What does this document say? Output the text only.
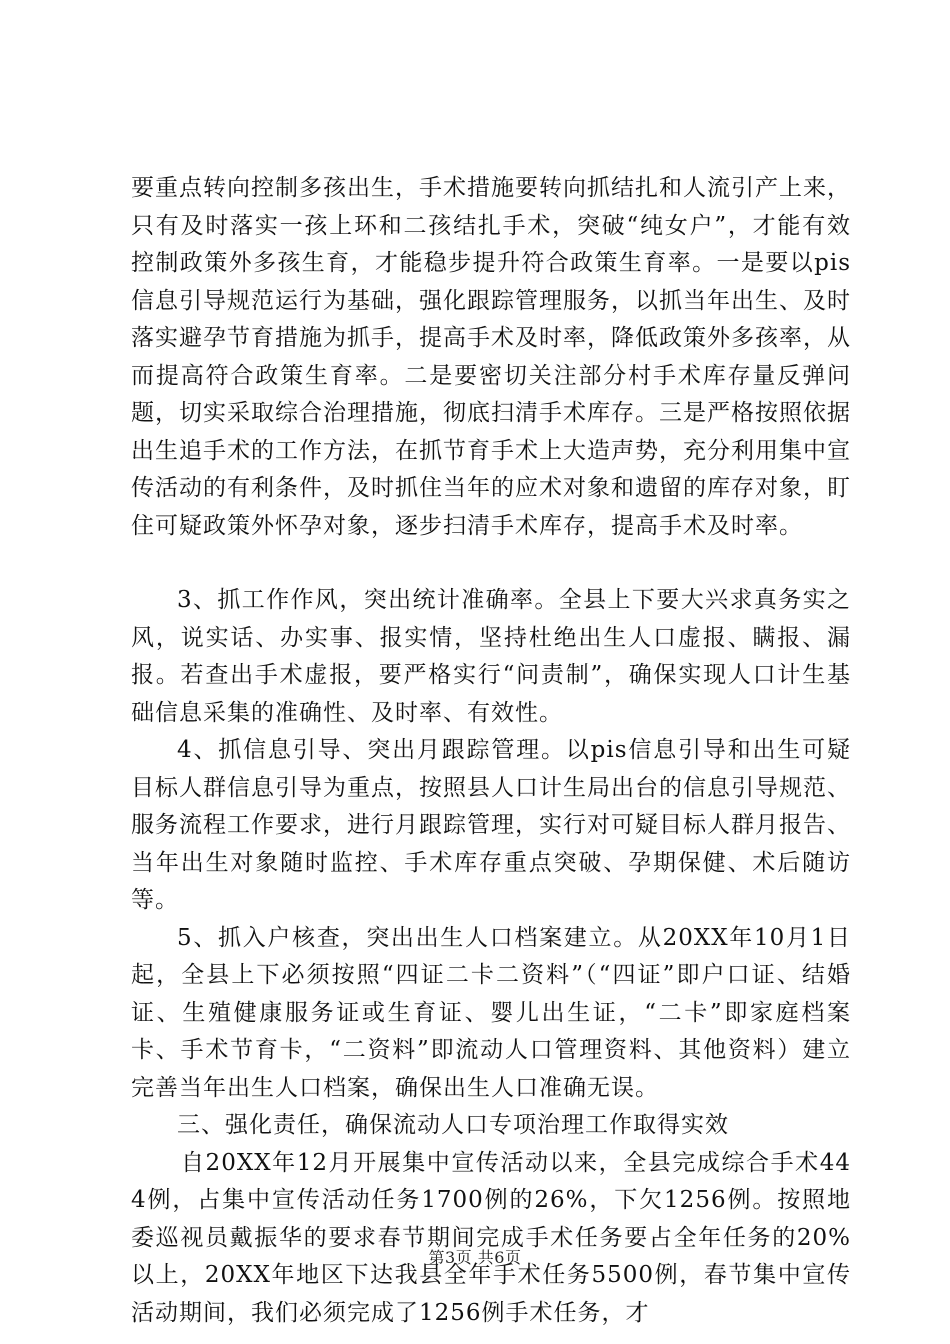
要重点转向控制多孩出生，手术措施要转向抓结扎和人流引产上来，只有及时落实一孩上环和二孩结扎手术，突破“纯女户”，才能有效控制政策外多孩生育，才能稳步提升符合政策生育率。一是要以pis信息引导规范运行为基础，强化跟踪管理服务，以抓当年出生、及时落实避孕节育措施为抓手，提高手术及时率，降低政策外多孩率，从而提高符合政策生育率。二是要密切关注部分村手术库存量反弹问题，切实采取综合治理措施，彻底扫清手术库存。三是严格按照依据出生追手术的工作方法，在抓节育手术上大造声势，充分利用集中宣传活动的有利条件，及时抓住当年的应术对象和遗留的库存对象，盯住可疑政策外怀孕对象，逐步扫清手术库存，提高手术及时率。

3、抓工作作风，突出统计准确率。全县上下要大兴求真务实之风，说实话、办实事、报实情，坚持杜绝出生人口虚报、瞒报、漏报。若查出手术虚报，要严格实行“问责制”，确保实现人口计生基础信息采集的准确性、及时率、有效性。

4、抓信息引导、突出月跟踪管理。以pis信息引导和出生可疑目标人群信息引导为重点，按照县人口计生局出台的信息引导规范、服务流程工作要求，进行月跟踪管理，实行对可疑目标人群月报告、当年出生对象随时监控、手术库存重点突破、孕期保健、术后随访等。

5、抓入户核查，突出出生人口档案建立。从20XX年10月1日起，全县上下必须按照“四证二卡二资料”（“四证”即户口证、结婚证、生殖健康服务证或生育证、婴儿出生证，“二卡”即家庭档案卡、手术节育卡，“二资料”即流动人口管理资料、其他资料）建立完善当年出生人口档案，确保出生人口准确无误。

三、强化责任，确保流动人口专项治理工作取得实效

自20XX年12月开展集中宣传活动以来，全县完成综合手术444例，占集中宣传活动任务1700例的26%，下欠1256例。按照地委巡视员戴振华的要求春节期间完成手术任务要占全年任务的20%以上，20XX年地区下达我县全年手术任务5500例，春节集中宣传活动期间，我们必须完成了1256例手术任务，才

第3页 共6页
